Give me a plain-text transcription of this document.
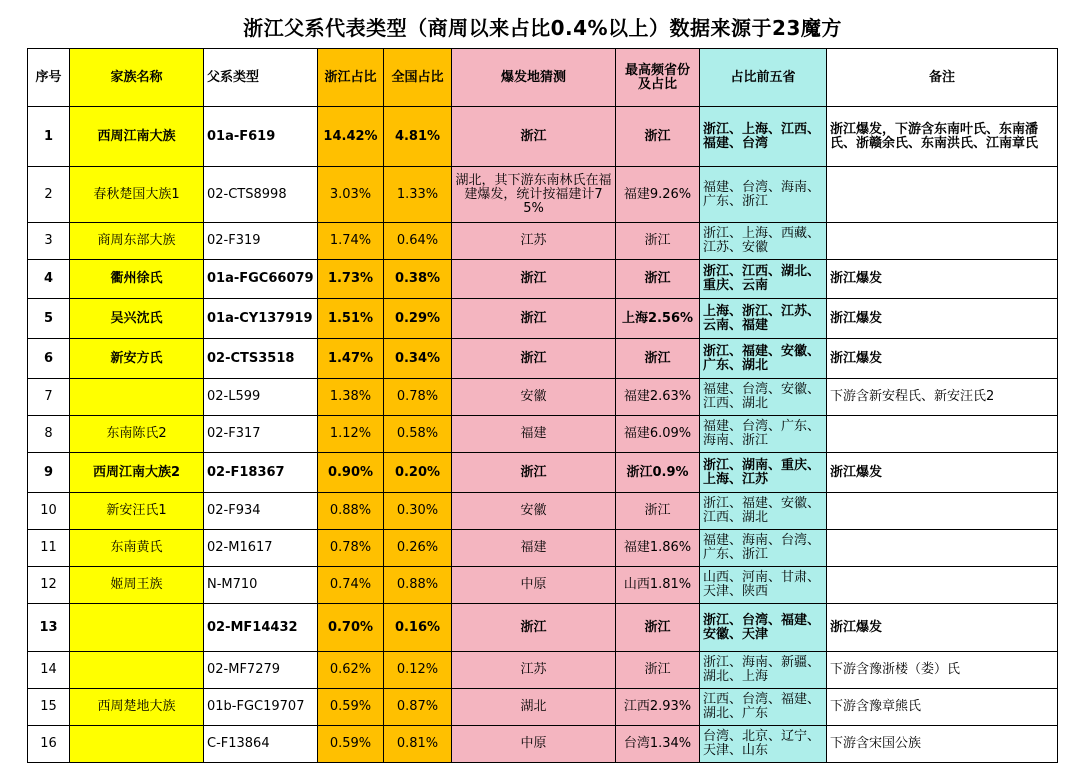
浙江父系代表类型（商周以来占比0.4%以上）数据来源于23魔方
序号	家族名称	父系类型	浙江占比	全国占比	爆发地猜测	最高频省份及占比	占比前五省	备注
1	西周江南大族	01a-F619	14.42%	4.81%	浙江	浙江	浙江、上海、江西、福建、台湾	浙江爆发，下游含东南叶氏、东南潘氏、浙赣余氏、东南洪氏、江南章氏
2	春秋楚国大族1	02-CTS8998	3.03%	1.33%	湖北，其下游东南林氏在福建爆发，统计按福建计75%	福建9.26%	福建、台湾、海南、广东、浙江	
3	商周东部大族	02-F319	1.74%	0.64%	江苏	浙江	浙江、上海、西藏、江苏、安徽	
4	衢州徐氏	01a-FGC66079	1.73%	0.38%	浙江	浙江	浙江、江西、湖北、重庆、云南	浙江爆发
5	吴兴沈氏	01a-CY137919	1.51%	0.29%	浙江	上海2.56%	上海、浙江、江苏、云南、福建	浙江爆发
6	新安方氏	02-CTS3518	1.47%	0.34%	浙江	浙江	浙江、福建、安徽、广东、湖北	浙江爆发
7		02-L599	1.38%	0.78%	安徽	福建2.63%	福建、台湾、安徽、江西、湖北	下游含新安程氏、新安汪氏2
8	东南陈氏2	02-F317	1.12%	0.58%	福建	福建6.09%	福建、台湾、广东、海南、浙江	
9	西周江南大族2	02-F18367	0.90%	0.20%	浙江	浙江0.9%	浙江、湖南、重庆、上海、江苏	浙江爆发
10	新安汪氏1	02-F934	0.88%	0.30%	安徽	浙江	浙江、福建、安徽、江西、湖北	
11	东南黄氏	02-M1617	0.78%	0.26%	福建	福建1.86%	福建、海南、台湾、广东、浙江	
12	姬周王族	N-M710	0.74%	0.88%	中原	山西1.81%	山西、河南、甘肃、天津、陕西	
13		02-MF14432	0.70%	0.16%	浙江	浙江	浙江、台湾、福建、安徽、天津	浙江爆发
14		02-MF7279	0.62%	0.12%	江苏	浙江	浙江、海南、新疆、湖北、上海	下游含豫浙楼（娄）氏
15	西周楚地大族	01b-FGC19707	0.59%	0.87%	湖北	江西2.93%	江西、台湾、福建、湖北、广东	下游含豫章熊氏
16		C-F13864	0.59%	0.81%	中原	台湾1.34%	台湾、北京、辽宁、天津、山东	下游含宋国公族
